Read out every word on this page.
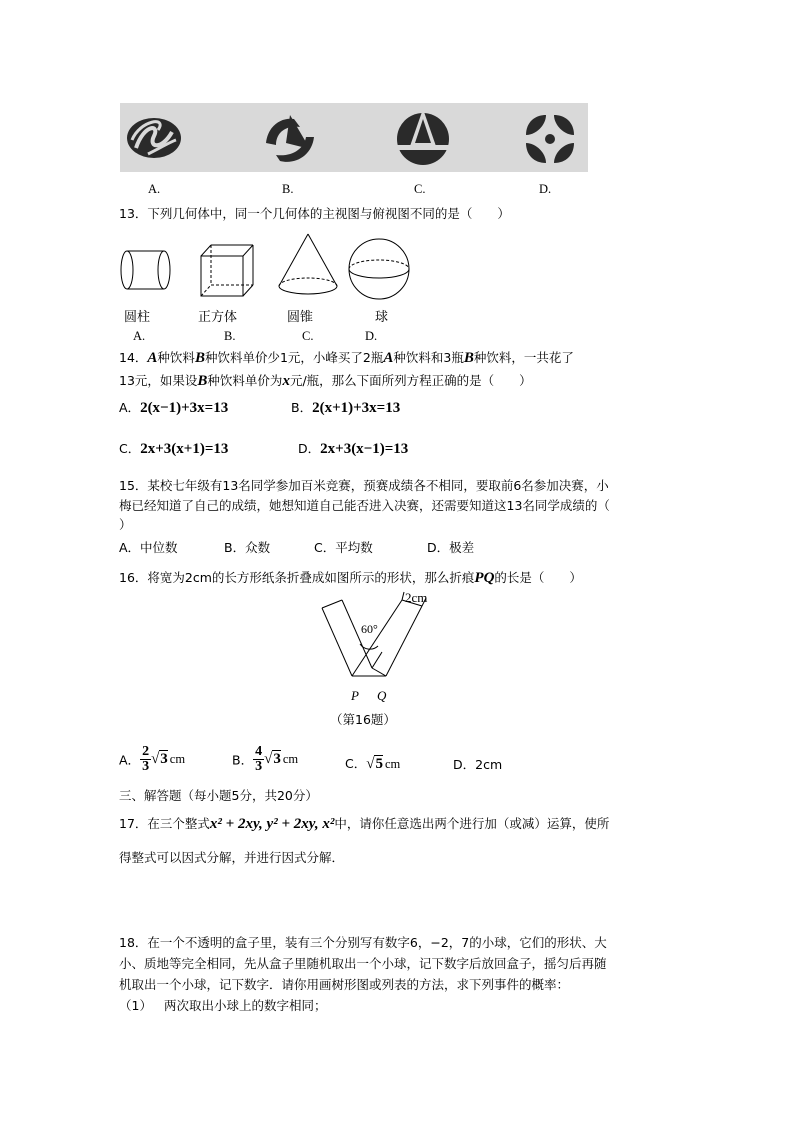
A.	B.	C.	D.
13．下列几何体中，同一个几何体的主视图与俯视图不同的是（　　）
圆柱	正方体	圆锥	球
A.	B.	C.	D.
14．A种饮料B种饮料单价少1元，小峰买了2瓶A种饮料和3瓶B种饮料，一共花了
13元，如果设B种饮料单价为x元/瓶，那么下面所列方程正确的是（　　）
A．2(x−1)+3x=13	B．2(x+1)+3x=13
C．2x+3(x+1)=13	D．2x+3(x−1)=13
15．某校七年级有13名同学参加百米竞赛，预赛成绩各不相同，要取前6名参加决赛，小
梅已经知道了自己的成绩，她想知道自己能否进入决赛，还需要知道这13名同学成绩的（
）
A．中位数	B．众数	C．平均数	D．极差
16．将宽为2cm的长方形纸条折叠成如图所示的形状，那么折痕PQ的长是（　　）
2cm
60°
P Q
（第16题）
A． $\frac{2}{3} √3$ cm	B． $\frac{4}{3} √3$ cm	C．√5 cm	D．2cm
三、解答题（每小题5分，共20分）
17．在三个整式x² + 2xy, y² + 2xy, x²中，请你任意选出两个进行加（或减）运算，使所
得整式可以因式分解，并进行因式分解．
18．在一个不透明的盒子里，装有三个分别写有数字6，−2，7的小球，它们的形状、大
小、质地等完全相同，先从盒子里随机取出一个小球，记下数字后放回盒子，摇匀后再随
机取出一个小球，记下数字．请你用画树形图或列表的方法，求下列事件的概率：
（1） 两次取出小球上的数字相同；
